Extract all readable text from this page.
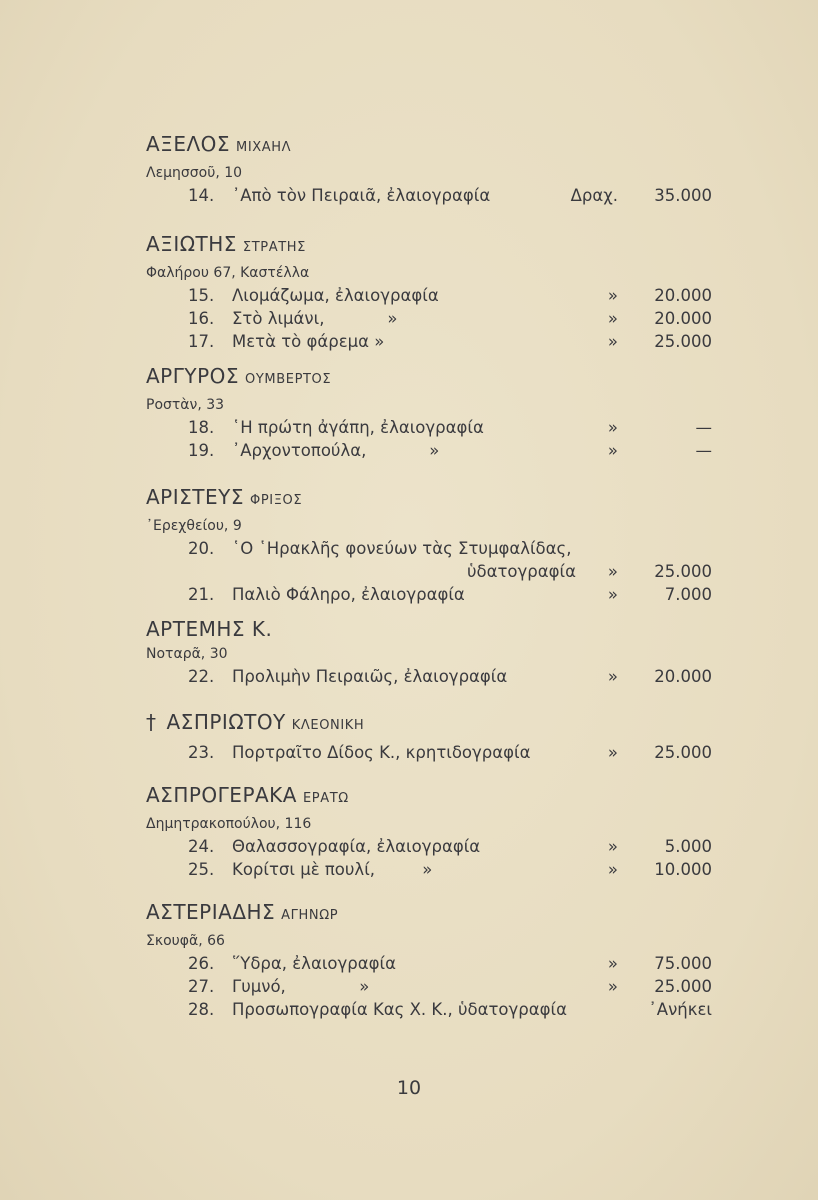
ΑΞΕΛΟΣ ΜΙΧΑΗΛ
Λεμησσοῦ, 10
14. ᾿Απὸ τὸν Πειραιᾶ, ἐλαιογραφία	Δραχ. 35.000
ΑΞΙΩΤΗΣ ΣΤΡΑΤΗΣ
Φαλήρου 67, Καστέλλα
15. Λιομάζωμα, ἐλαιογραφία	» 20.000
16. Στὸ λιμάνι,            »	» 20.000
17. Μετὰ τὸ φάρεμα »	» 25.000
ΑΡΓΥΡΟΣ ΟΥΜΒΕΡΤΟΣ
Ροστὰν, 33
18. ῾Η πρώτη ἀγάπη, ἐλαιογραφία	»	—
19. ᾿Αρχοντοπούλα,            »	»	—
ΑΡΙΣΤΕΥΣ ΦΡΙΞΟΣ
᾿Ερεχθείου, 9
20. ῾Ο ῾Ηρακλῆς φονεύων τὰς Στυμφαλίδας,
ὑδατογραφία » 25.000
21. Παλιὸ Φάληρο, ἐλαιογραφία	»	7.000
ΑΡΤΕΜΗΣ Κ.
Νοταρᾶ, 30
22. Προλιμὴν Πειραιῶς, ἐλαιογραφία	» 20.000
† ΑΣΠΡΙΩΤΟΥ ΚΛΕΟΝΙΚΗ
23. Πορτραῖτο Δίδος Κ., κρητιδογραφία	» 25.000
ΑΣΠΡΟΓΕΡΑΚΑ ΕΡΑΤΩ
Δημητρακοπούλου, 116
24. Θαλασσογραφία, ἐλαιογραφία	»	5.000
25. Κορίτσι μὲ πουλί,         »	» 10.000
ΑΣΤΕΡΙΑΔΗΣ ΑΓΗΝΩΡ
Σκουφᾶ, 66
26. ῞Υδρα, ἐλαιογραφία	» 75.000
27. Γυμνό,              »	» 25.000
28. Προσωπογραφία Κας Χ. Κ., ὑδατογραφία	᾿Ανήκει
10
